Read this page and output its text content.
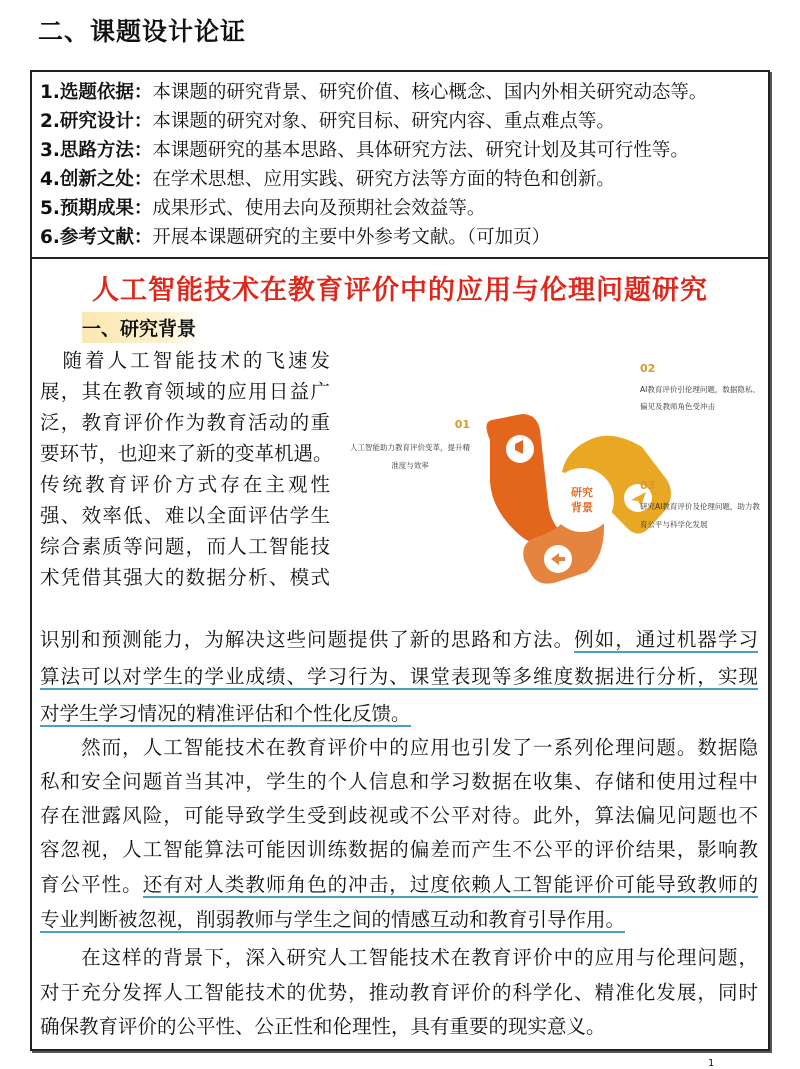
二、课题设计论证
人工智能技术在教育评价中的应用与伦理问题研究
一、研究背景
研究
背景
01
人工智能助力教育评价变革，提升精
准度与效率
02
AI教育评价引伦理问题，数据隐私、
偏见及教师角色受冲击
03
研究AI教育评价及伦理问题，助力教
育公平与科学化发展
1.选题依据：本课题的研究背景、研究价值、核心概念、国内外相关研究动态等。
2.研究设计：本课题的研究对象、研究目标、研究内容、重点难点等。
3.思路方法：本课题研究的基本思路、具体研究方法、研究计划及其可行性等。
4.创新之处：在学术思想、应用实践、研究方法等方面的特色和创新。
5.预期成果：成果形式、使用去向及预期社会效益等。
6.参考文献：开展本课题研究的主要中外参考文献。（可加页）
　随着人工智能技术的飞速发
展，其在教育领域的应用日益广
泛，教育评价作为教育活动的重
要环节，也迎来了新的变革机遇。
传统教育评价方式存在主观性
强、效率低、难以全面评估学生
综合素质等问题，而人工智能技
术凭借其强大的数据分析、模式
识别和预测能力，为解决这些问题提供了新的思路和方法。例如，通过机器学习
算法可以对学生的学业成绩、学习行为、课堂表现等多维度数据进行分析，实现
对学生学习情况的精准评估和个性化反馈。
　　然而，人工智能技术在教育评价中的应用也引发了一系列伦理问题。数据隐
私和安全问题首当其冲，学生的个人信息和学习数据在收集、存储和使用过程中
存在泄露风险，可能导致学生受到歧视或不公平对待。此外，算法偏见问题也不
容忽视，人工智能算法可能因训练数据的偏差而产生不公平的评价结果，影响教
育公平性。还有对人类教师角色的冲击，过度依赖人工智能评价可能导致教师的
专业判断被忽视，削弱教师与学生之间的情感互动和教育引导作用。
　　在这样的背景下，深入研究人工智能技术在教育评价中的应用与伦理问题，
对于充分发挥人工智能技术的优势，推动教育评价的科学化、精准化发展，同时
确保教育评价的公平性、公正性和伦理性，具有重要的现实意义。
1
